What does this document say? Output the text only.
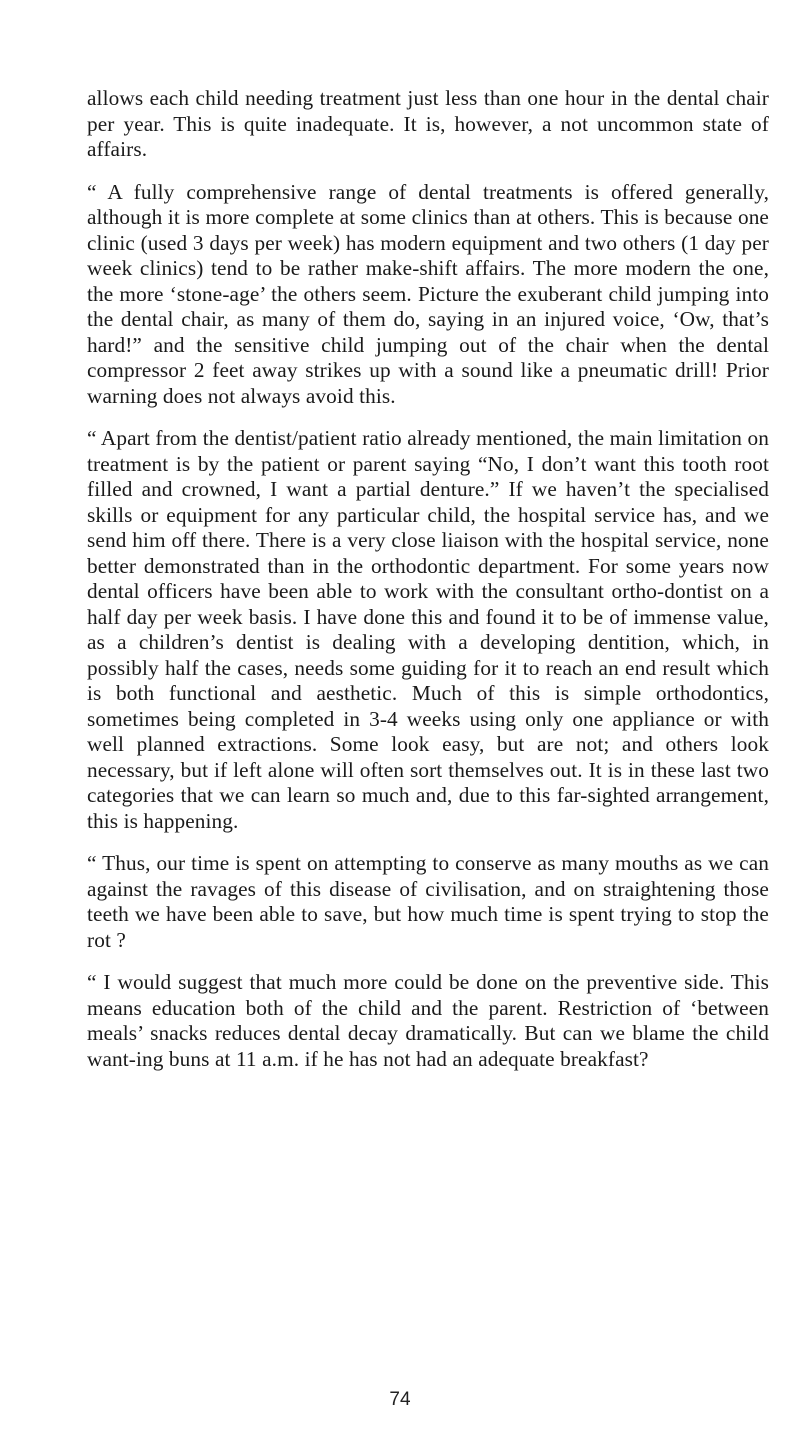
allows each child needing treatment just less than one hour in the dental chair per year. This is quite inadequate. It is, however, a not uncommon state of affairs.

“ A fully comprehensive range of dental treatments is offered generally, although it is more complete at some clinics than at others. This is because one clinic (used 3 days per week) has modern equipment and two others (1 day per week clinics) tend to be rather make-shift affairs. The more modern the one, the more ‘stone-age’ the others seem. Picture the exuberant child jumping into the dental chair, as many of them do, saying in an injured voice, ‘Ow, that’s hard!” and the sensitive child jumping out of the chair when the dental compressor 2 feet away strikes up with a sound like a pneumatic drill! Prior warning does not always avoid this.

“ Apart from the dentist/patient ratio already mentioned, the main limitation on treatment is by the patient or parent saying “No, I don’t want this tooth root filled and crowned, I want a partial denture.” If we haven’t the specialised skills or equipment for any particular child, the hospital service has, and we send him off there. There is a very close liaison with the hospital service, none better demonstrated than in the orthodontic department. For some years now dental officers have been able to work with the consultant ortho-dontist on a half day per week basis. I have done this and found it to be of immense value, as a children’s dentist is dealing with a developing dentition, which, in possibly half the cases, needs some guiding for it to reach an end result which is both functional and aesthetic. Much of this is simple orthodontics, sometimes being completed in 3-4 weeks using only one appliance or with well planned extractions. Some look easy, but are not; and others look necessary, but if left alone will often sort themselves out. It is in these last two categories that we can learn so much and, due to this far-sighted arrangement, this is happening.

“ Thus, our time is spent on attempting to conserve as many mouths as we can against the ravages of this disease of civilisation, and on straightening those teeth we have been able to save, but how much time is spent trying to stop the rot ?

“ I would suggest that much more could be done on the preventive side. This means education both of the child and the parent. Restriction of ‘between meals’ snacks reduces dental decay dramatically. But can we blame the child want-ing buns at 11 a.m. if he has not had an adequate breakfast?

74
